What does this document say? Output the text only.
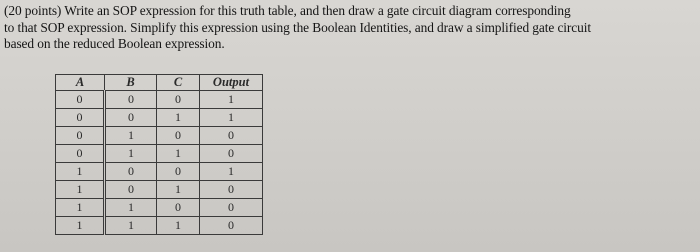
(20 points) Write an SOP expression for this truth table, and then draw a gate circuit diagram corresponding
to that SOP expression. Simplify this expression using the Boolean Identities, and draw a simplified gate circuit
based on the reduced Boolean expression.
A	B	C	Output
0	0	0	1
0	0	1	1
0	1	0	0
0	1	1	0
1	0	0	1
1	0	1	0
1	1	0	0
1	1	1	0
